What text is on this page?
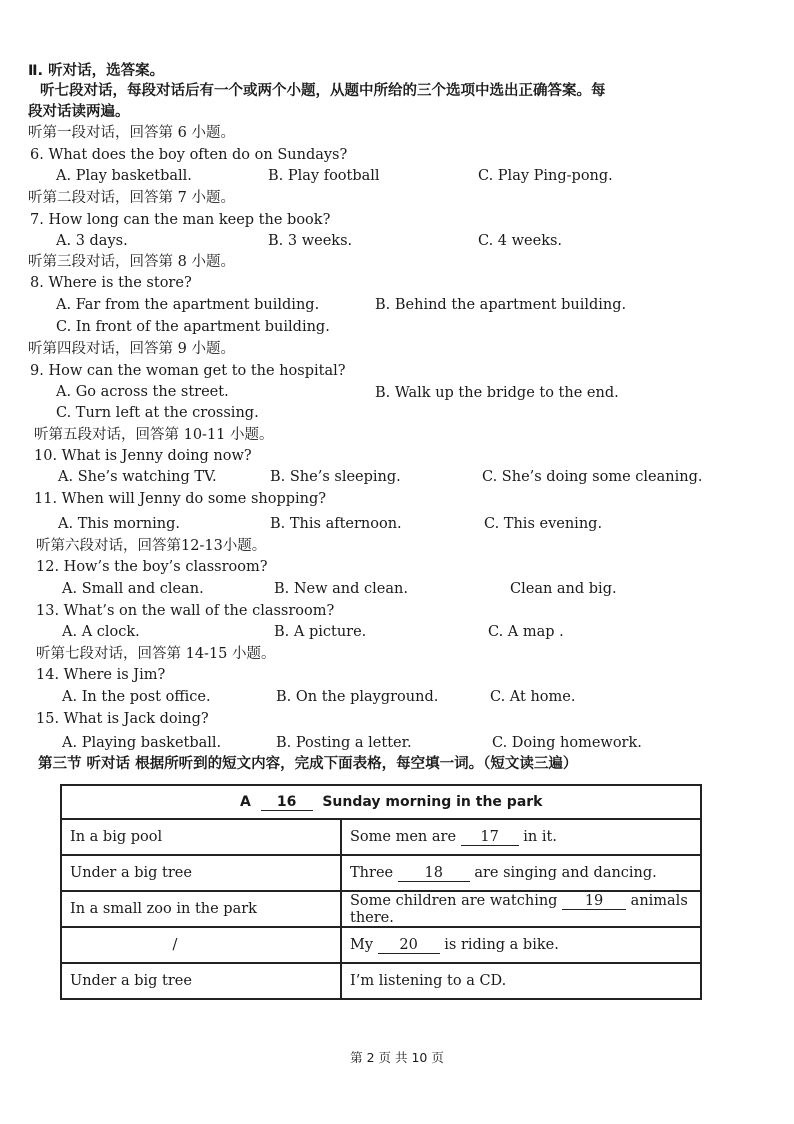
Ⅱ. 听对话，选答案。
听七段对话，每段对话后有一个或两个小题，从题中所给的三个选项中选出正确答案。每
段对话读两遍。
听第一段对话，回答第 6 小题。
6. What does the boy often do on Sundays?
A. Play basketball.	B. Play football	C. Play Ping-pong.
听第二段对话，回答第 7 小题。
7. How long can the man keep the book?
A. 3 days.	B. 3 weeks.	C. 4 weeks.
听第三段对话，回答第 8 小题。
8. Where is the store?
A. Far from the apartment building.	B. Behind the apartment building.
C. In front of the apartment building.
听第四段对话，回答第 9 小题。
9. How can the woman get to the hospital?
A. Go across the street.	B. Walk up the bridge to the end.
C. Turn left at the crossing.
听第五段对话，回答第 10-11 小题。
10. What is Jenny doing now?
A. She’s watching TV.	B. She’s sleeping.	C. She’s doing some cleaning.
11. When will Jenny do some shopping?
A. This morning.	B. This afternoon.	C. This evening.
听第六段对话，回答第12-13小题。
12. How’s the boy’s classroom?
A. Small and clean.	B. New and clean.	Clean and big.
13. What’s on the wall of the classroom?
A. A clock.	B. A picture.	C. A map .
听第七段对话，回答第 14-15 小题。
14. Where is Jim?
A. In the post office.	B. On the playground.	C. At home.
15. What is Jack doing?
A. Playing basketball.	B. Posting a letter.	C. Doing homework.
第三节 听对话 根据所听到的短文内容，完成下面表格，每空填一词。（短文读三遍）
A 16 Sunday morning in the park	
In a big pool	Some men are 17 in it.
Under a big tree	Three 18 are singing and dancing.
In a small zoo in the park	Some children are watching 19 animals there.
/	My 20 is riding a bike.
Under a big tree	I’m listening to a CD.
第 2 页 共 10 页
